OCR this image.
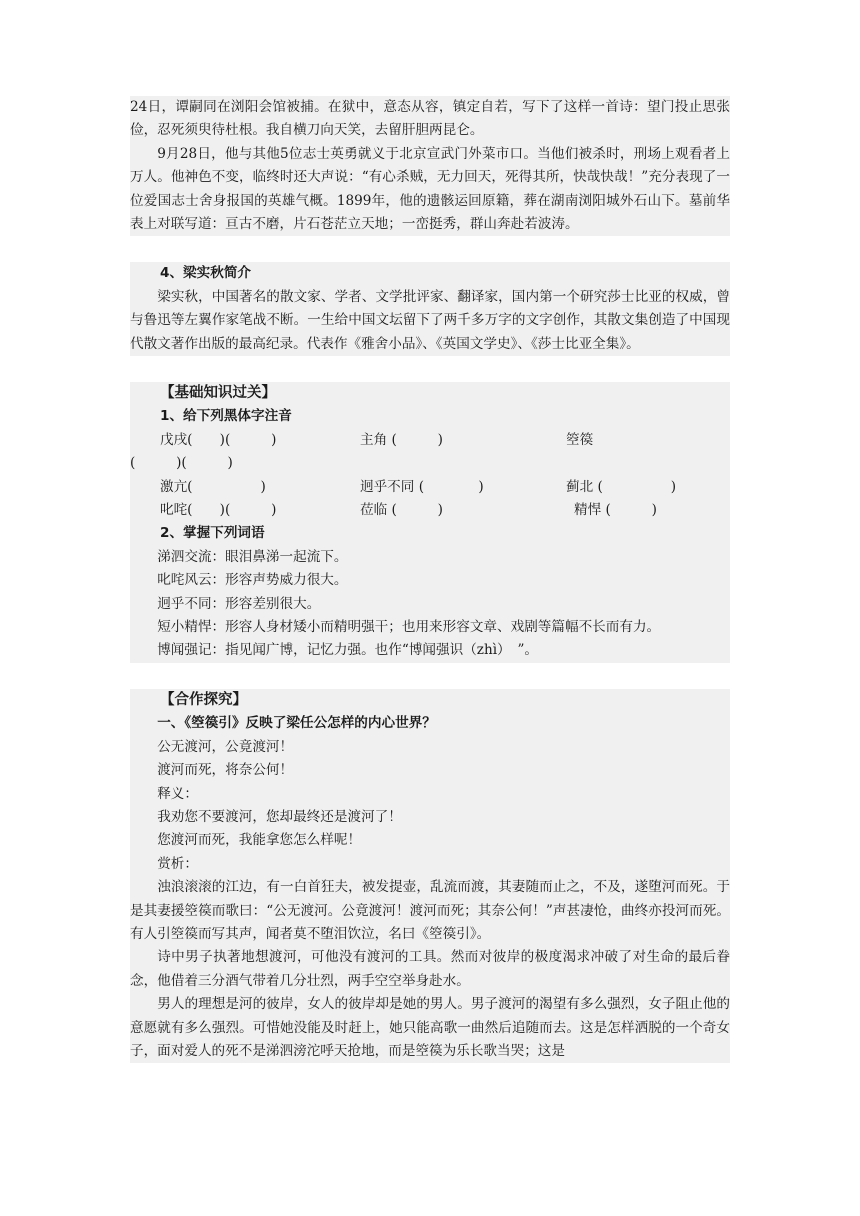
24日，谭嗣同在浏阳会馆被捕。在狱中，意态从容，镇定自若，写下了这样一首诗：望门投止思张俭，忍死须臾待杜根。我自横刀向天笑，去留肝胆两昆仑。

9月28日，他与其他5位志士英勇就义于北京宣武门外菜市口。当他们被杀时，刑场上观看者上万人。他神色不变，临终时还大声说：“有心杀贼，无力回天，死得其所，快哉快哉！”充分表现了一位爱国志士舍身报国的英雄气概。1899年，他的遗骸运回原籍，葬在湖南浏阳城外石山下。墓前华表上对联写道：亘古不磨，片石苍茫立天地；一峦挺秀，群山奔赴若波涛。

4、梁实秋简介

梁实秋，中国著名的散文家、学者、文学批评家、翻译家，国内第一个研究莎士比亚的权威，曾与鲁迅等左翼作家笔战不断。一生给中国文坛留下了两千多万字的文字创作，其散文集创造了中国现代散文著作出版的最高纪录。代表作《雅舍小品》、《英国文学史》、《莎士比亚全集》。

【基础知识过关】

1、给下列黑体字注音

戊戌(　　)(　　　)	主角 (　　　)	箜篌
(　　　)(　　　)
激亢(　　　　　)	迥乎不同 (　　　　)	蓟北 (　　　　　)
叱咤(　　)(　　　)	莅临 (　　　)	精悍 (　　　)

2、掌握下列词语

涕泗交流：眼泪鼻涕一起流下。

叱咤风云：形容声势威力很大。

迥乎不同：形容差别很大。

短小精悍：形容人身材矮小而精明强干；也用来形容文章、戏剧等篇幅不长而有力。

博闻强记：指见闻广博，记忆力强。也作“博闻强识（zhì）　”。

【合作探究】

一、《箜篌引》反映了梁任公怎样的内心世界？

公无渡河，公竟渡河！

渡河而死，将奈公何！

释义：

我劝您不要渡河，您却最终还是渡河了！

您渡河而死，我能拿您怎么样呢！

赏析：

浊浪滚滚的江边，有一白首狂夫，被发提壶，乱流而渡，其妻随而止之，不及，遂堕河而死。于是其妻援箜篌而歌曰：“公无渡河。公竟渡河！渡河而死；其奈公何！”声甚凄怆，曲终亦投河而死。有人引箜篌而写其声，闻者莫不堕泪饮泣，名曰《箜篌引》。

诗中男子执著地想渡河，可他没有渡河的工具。然而对彼岸的极度渴求冲破了对生命的最后眷念，他借着三分酒气带着几分壮烈，两手空空举身赴水。

男人的理想是河的彼岸，女人的彼岸却是她的男人。男子渡河的渴望有多么强烈，女子阻止他的意愿就有多么强烈。可惜她没能及时赶上，她只能高歌一曲然后追随而去。这是怎样洒脱的一个奇女子，面对爱人的死不是涕泗滂沱呼天抢地，而是箜篌为乐长歌当哭；这是
